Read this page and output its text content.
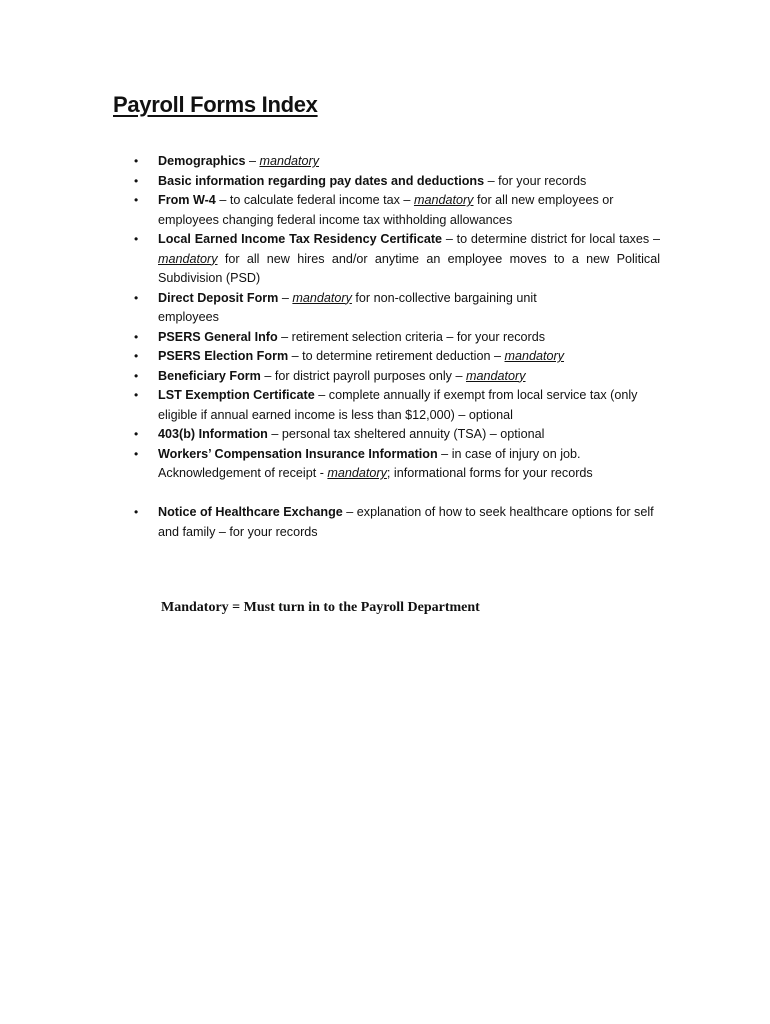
Payroll Forms Index
• Demographics – mandatory
• Basic information regarding pay dates and deductions – for your records
• From W-4 – to calculate federal income tax – mandatory for all new employees or employees changing federal income tax withholding allowances
• Local Earned Income Tax Residency Certificate – to determine district for local taxes – mandatory for all new hires and/or anytime an employee moves to a new Political Subdivision (PSD)
• Direct Deposit Form – mandatory for non-collective bargaining unit employees
• PSERS General Info – retirement selection criteria – for your records
• PSERS Election Form – to determine retirement deduction – mandatory
• Beneficiary Form – for district payroll purposes only – mandatory
• LST Exemption Certificate – complete annually if exempt from local service tax (only eligible if annual earned income is less than $12,000) – optional
• 403(b) Information – personal tax sheltered annuity (TSA) – optional
• Workers’ Compensation Insurance Information – in case of injury on job. Acknowledgement of receipt - mandatory; informational forms for your records
• Notice of Healthcare Exchange – explanation of how to seek healthcare options for self and family – for your records

Mandatory = Must turn in to the Payroll Department
